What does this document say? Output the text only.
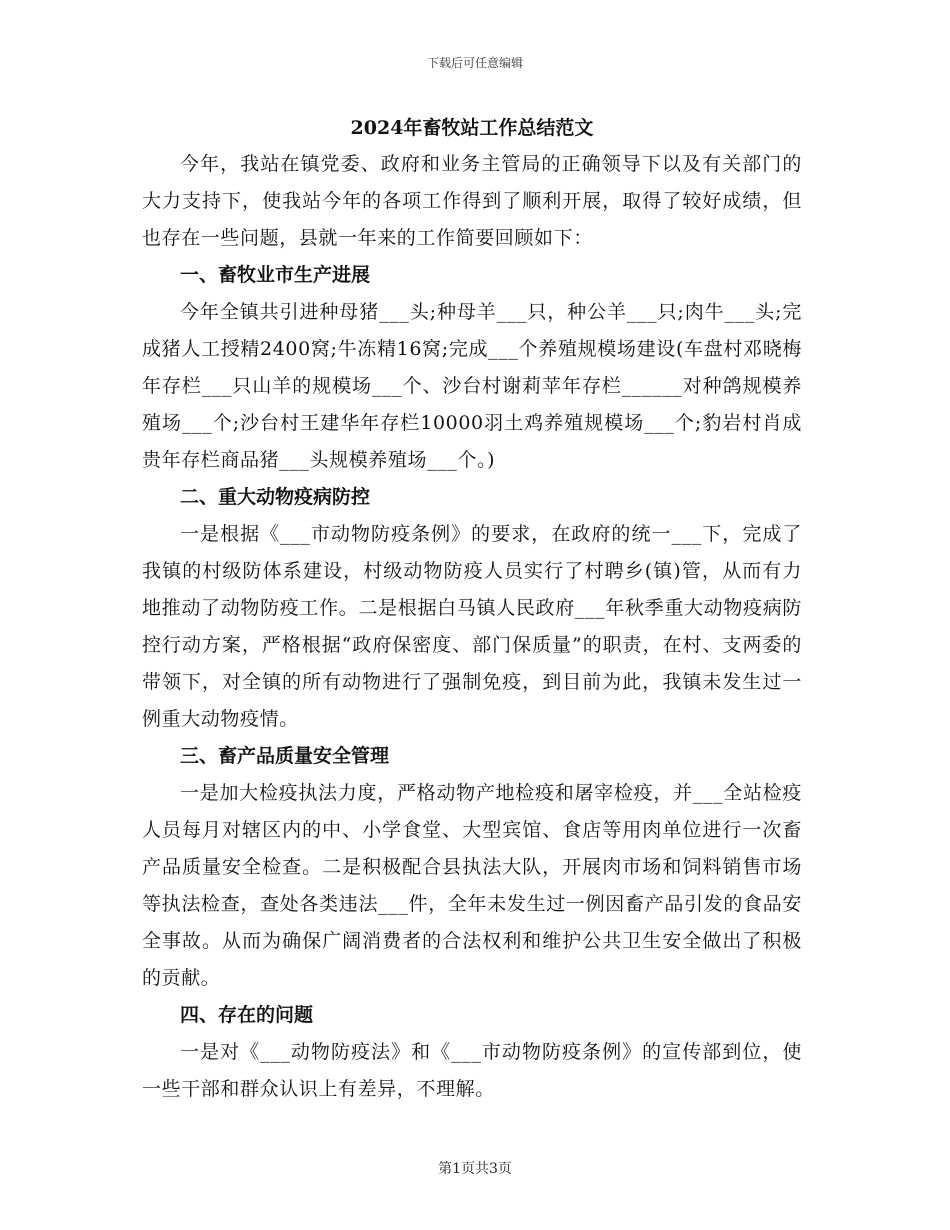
下载后可任意编辑
2024年畜牧站工作总结范文

今年，我站在镇党委、政府和业务主管局的正确领导下以及有关部门的大力支持下，使我站今年的各项工作得到了顺利开展，取得了较好成绩，但也存在一些问题，县就一年来的工作简要回顾如下：

一、畜牧业市生产进展

今年全镇共引进种母猪___头;种母羊___只，种公羊___只;肉牛___头;完成猪人工授精2400窝;牛冻精16窝;完成___个养殖规模场建设(车盘村邓晓梅年存栏___只山羊的规模场___个、沙台村谢莉苹年存栏______对种鸽规模养殖场___个;沙台村王建华年存栏10000羽土鸡养殖规模场___个;豹岩村肖成贵年存栏商品猪___头规模养殖场___个。)

二、重大动物疫病防控

一是根据《___市动物防疫条例》的要求，在政府的统一___下，完成了我镇的村级防体系建设，村级动物防疫人员实行了村聘乡(镇)管，从而有力地推动了动物防疫工作。二是根据白马镇人民政府___年秋季重大动物疫病防控行动方案，严格根据“政府保密度、部门保质量”的职责，在村、支两委的带领下，对全镇的所有动物进行了强制免疫，到目前为此，我镇未发生过一例重大动物疫情。

三、畜产品质量安全管理

一是加大检疫执法力度，严格动物产地检疫和屠宰检疫，并___全站检疫人员每月对辖区内的中、小学食堂、大型宾馆、食店等用肉单位进行一次畜产品质量安全检查。二是积极配合县执法大队，开展肉市场和饲料销售市场等执法检查，查处各类违法___件，全年未发生过一例因畜产品引发的食品安全事故。从而为确保广阔消费者的合法权利和维护公共卫生安全做出了积极的贡献。

四、存在的问题

一是对《___动物防疫法》和《___市动物防疫条例》的宣传部到位，使一些干部和群众认识上有差异，不理解。

第1页共3页
